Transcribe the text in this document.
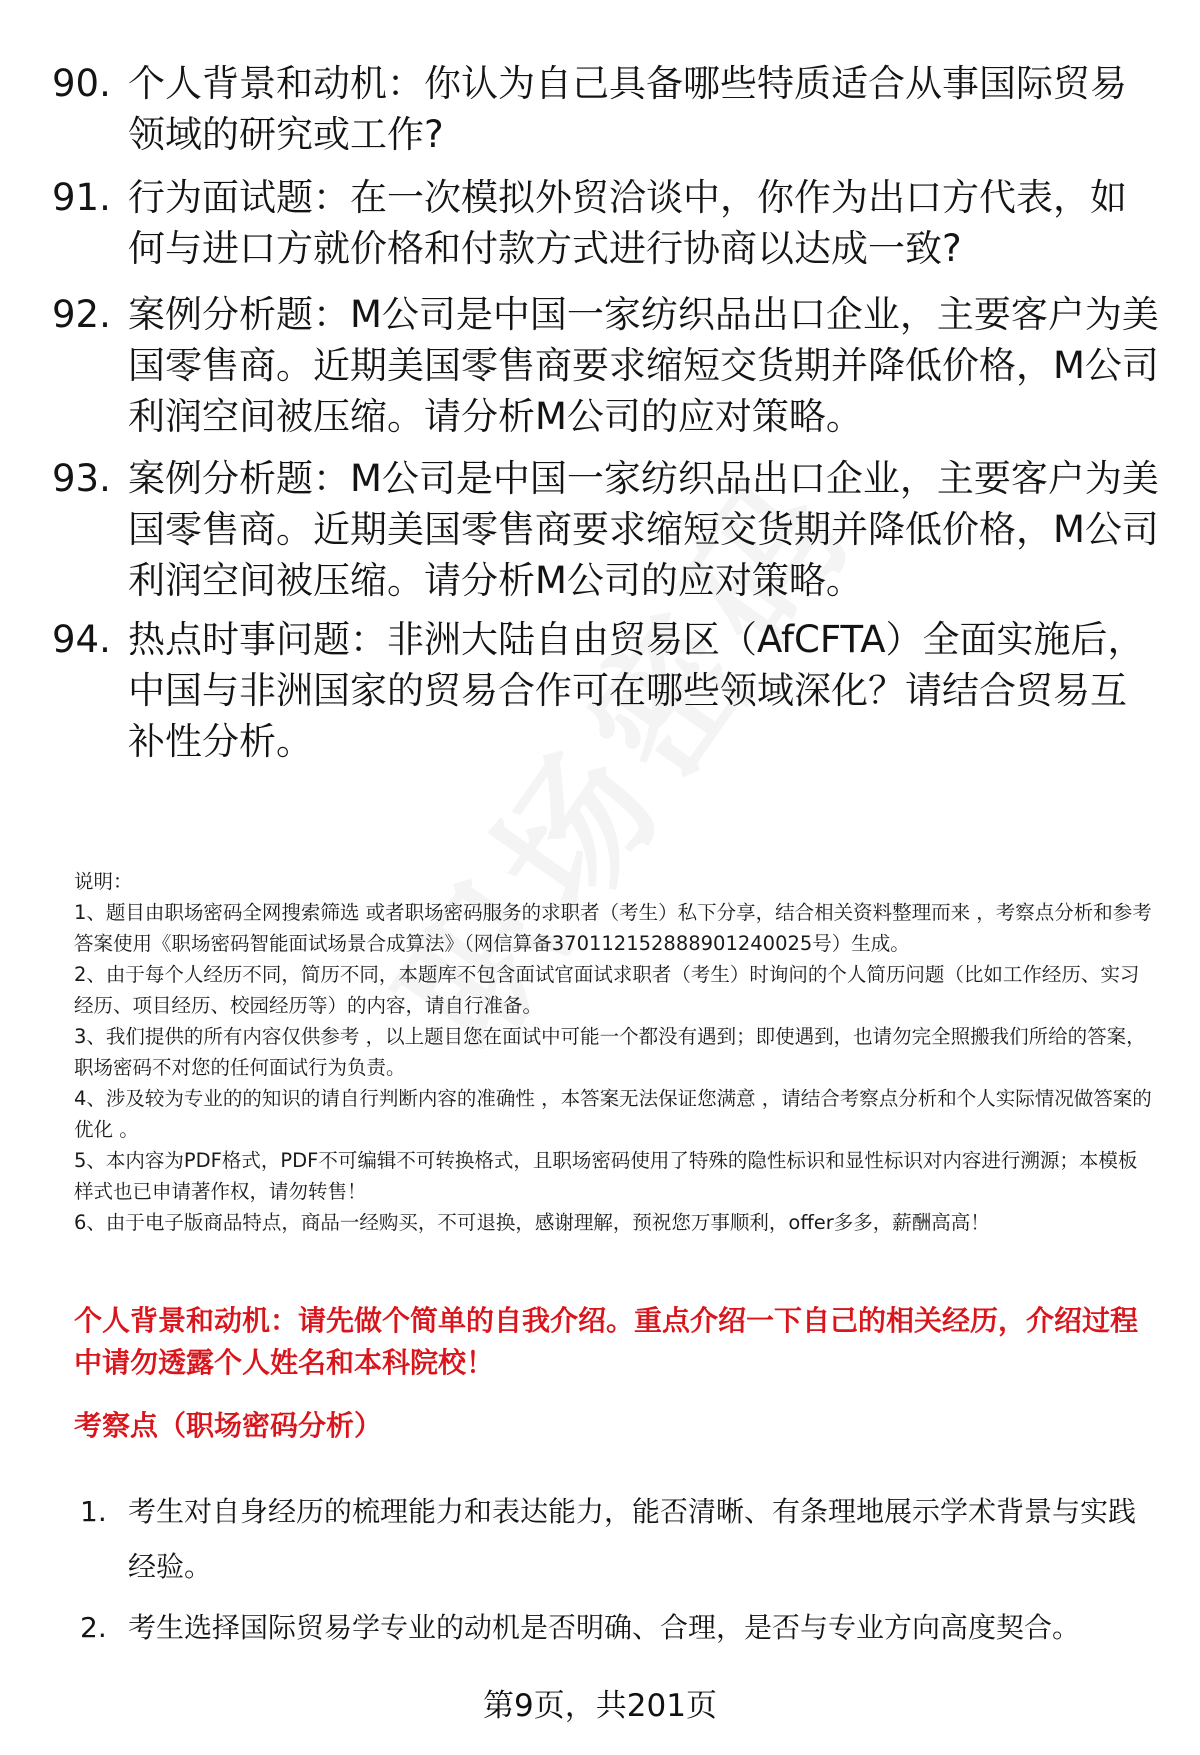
90. 个人背景和动机：你认为自己具备哪些特质适合从事国际贸易领域的研究或工作?
91. 行为面试题：在一次模拟外贸洽谈中，你作为出口方代表，如何与进口方就价格和付款方式进行协商以达成一致?
92. 案例分析题：M公司是中国一家纺织品出口企业，主要客户为美国零售商。近期美国零售商要求缩短交货期并降低价格，M公司利润空间被压缩。请分析M公司的应对策略。
93. 案例分析题：M公司是中国一家纺织品出口企业，主要客户为美国零售商。近期美国零售商要求缩短交货期并降低价格，M公司利润空间被压缩。请分析M公司的应对策略。
94. 热点时事问题：非洲大陆自由贸易区（AfCFTA）全面实施后，中国与非洲国家的贸易合作可在哪些领域深化？请结合贸易互补性分析。
说明：
1、题目由职场密码全网搜索筛选 或者职场密码服务的求职者（考生）私下分享，结合相关资料整理而来 ，考察点分析和参考答案使用《职场密码智能面试场景合成算法》（网信算备370112152888901240025号）生成。
2、由于每个人经历不同，简历不同，本题库不包含面试官面试求职者（考生）时询问的个人简历问题（比如工作经历、实习经历、项目经历、校园经历等）的内容，请自行准备。
3、我们提供的所有内容仅供参考 ，以上题目您在面试中可能一个都没有遇到；即使遇到，也请勿完全照搬我们所给的答案，职场密码不对您的任何面试行为负责。
4、涉及较为专业的的知识的请自行判断内容的准确性 ，本答案无法保证您满意 ，请结合考察点分析和个人实际情况做答案的优化 。
5、本内容为PDF格式，PDF不可编辑不可转换格式，且职场密码使用了特殊的隐性标识和显性标识对内容进行溯源；本模板样式也已申请著作权，请勿转售！
6、由于电子版商品特点，商品一经购买，不可退换，感谢理解，预祝您万事顺利，offer多多，薪酬高高！
个人背景和动机：请先做个简单的自我介绍。重点介绍一下自己的相关经历，介绍过程中请勿透露个人姓名和本科院校！
考察点（职场密码分析）
1. 考生对自身经历的梳理能力和表达能力，能否清晰、有条理地展示学术背景与实践经验。
2. 考生选择国际贸易学专业的动机是否明确、合理，是否与专业方向高度契合。
第9页，共201页
